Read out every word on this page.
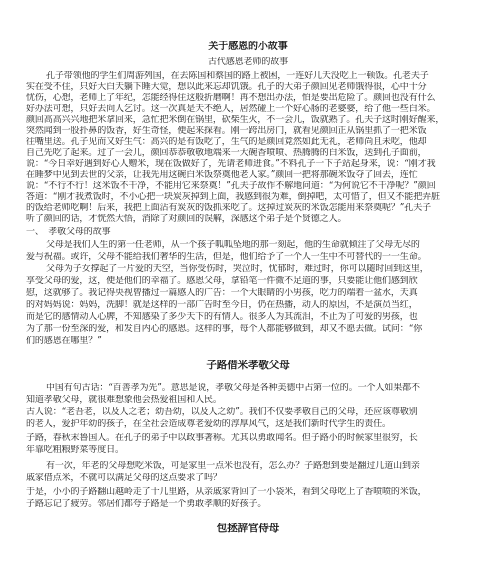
关于感恩的小故事
古代感恩老师的故事
孔子带领他的学生们周游列国，在去陈国和蔡国的路上被困，一连好几天没吃上一顿饭。孔老夫子
实在受不住，只好大白天躺下睡大觉，想以此来忘却饥饿。孔子的大弟子颜回见老师饿得很，心中十分
忧伤，心想，老师上了年纪，怎能经得住这般折磨啊！再不想出办法，怕是要出危险了。颜回也没有什么
好办法可想，只好去向人乞讨。这一次真是天不绝人，居然碰上一个好心肠的老婆婆，给了他一些白米。
颜回高高兴兴地把米拿回来，急忙把米倒在锅里，砍柴生火，不一会儿，饭就熟了。孔夫子这时刚好醒来，
突然闻到一股扑鼻的饭香，好生奇怪，便起来探看。刚一跨出房门，就看见颜回正从锅里抓了一把米饭
往嘴里送。孔子见而又好生气：高兴的是有饭吃了，生气的是颜回竟然如此无礼，老师尚且未吃，他却
自己先吃了起来。过了一会儿，颜回恭恭敬敬地端来一大碗香喷喷、热腾腾的白米饭，送到孔子面前，
说：“今日幸好遇到好心人赠米，现在饭做好了，先请老师进食。”不料孔子一下子站起身来，说：“刚才我
在睡梦中见到去世的父亲，让我先用这碗白米饭祭奠他老人家。”颜回一把将那碗米饭夺了回去，连忙
说：“不行不行！这米饭不干净，不能用它来祭奠！”孔夫子故作不解地问道：“为何说它不干净呢？”颜回
答道：“刚才我煮饭时，不小心把一块炭灰掉到上面，我感到很为难，倒掉吧，太可惜了，但又不能把弄脏
的饭给老师吃啊！后来，我把上面沾有炭灰的饭抓来吃了。这掉过炭灰的米饭怎能用来祭奠呢？”孔夫子
听了颜回的话，才恍然大悟，消除了对颜回的误解，深感这个弟子是个贤德之人。
一、　孝敬父母的故事
父母是我们人生的第一任老师，从一个孩子呱呱坠地的那一刻起，他的生命就倾注了父母无尽的
爱与祝福。或许，父母不能给我们奢华的生活，但是，他们给予了一个人一生中不可替代的一一生命。
父母为子女撑起了一片爱的天空，当你受伤时，哭泣时，忧郁时，难过时，你可以随时回到这里，
享受父母的爱，这，便是他们的幸福了。感恩父母，拿铅笔一件微不足道的事，只要能让他们感到欣
慰，这就够了。我记得央视曾播过一篇感人的广告：一个大眼睛的小男孩，吃力的端着一盆水，天真
的对妈妈说：妈妈，洗脚！就是这样的一部广告时至今日，仍在热播，动人的原因，不是演员当红，
而是它的感情动人心脾，不知感染了多少天下的有情人。很多人为其流泪，不止为了可爱的男孩，也
为了那一份至深的爱，和发自内心的感恩。这样的事，每个人都能够做到，却又不愿去做。试问：“你
们的感恩在哪里？”
子路借米孝敬父母
中国有句古话：“百善孝为先”。意思是说，孝敬父母是各种美德中占第一位的。一个人如果都不
知道孝敬父母，就很难想象他会热爱祖国和人民。
古人说：“老吾老，以及人之老；幼吾幼，以及人之幼”。我们不仅要孝敬自己的父母，还应该尊敬别
的老人，爱护年幼的孩子，在全社会造成尊老爱幼的淳厚风气，这是我们新时代学生的责任。
子路，春秋末鲁国人。在孔子的弟子中以政事著称。尤其以勇敢闻名。但子路小的时候家里很穷，长
年靠吃粗粮野菜等度日。
有一次，年老的父母想吃米饭，可是家里一点米也没有，怎么办？子路想到要是翻过几道山到亲
戚家借点米，不就可以满足父母的这点要求了吗？
于是，小小的子路翻山越岭走了十几里路，从亲戚家背回了一小袋米，看到父母吃上了香喷喷的米饭，
子路忘记了疲劳。邻居们都夸子路是一个勇敢孝顺的好孩子。
包拯辞官侍母
